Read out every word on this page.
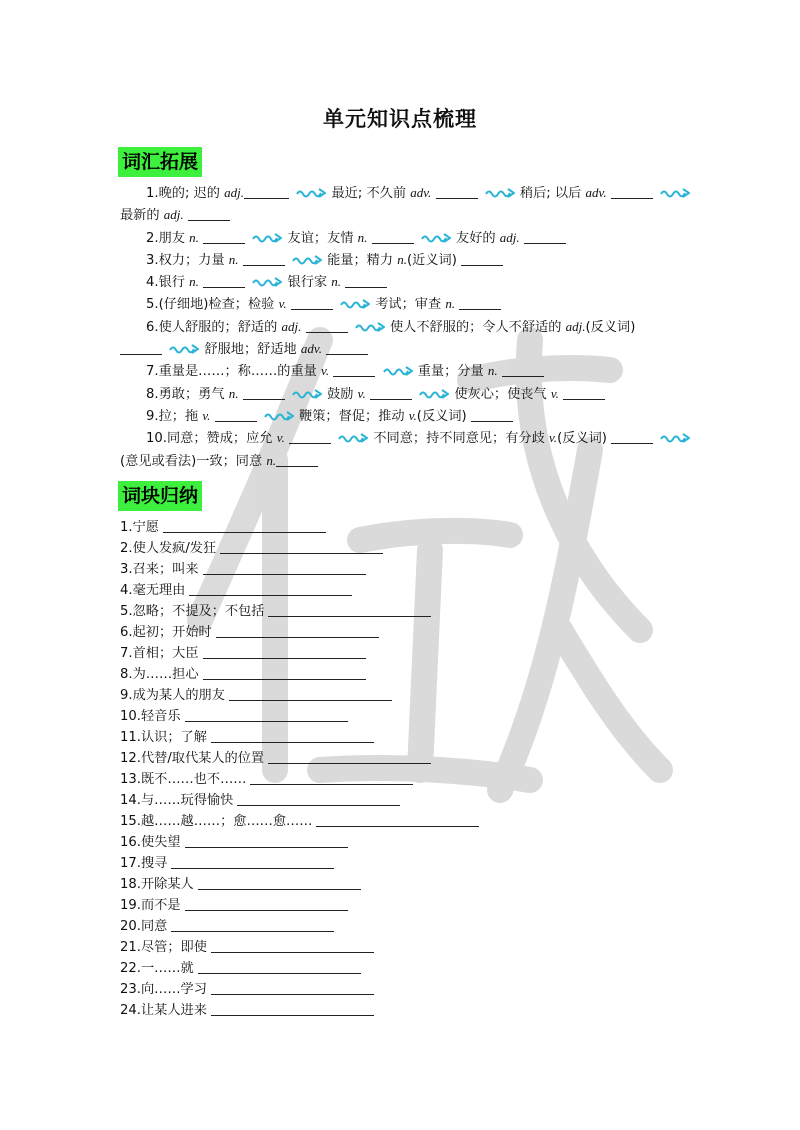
单元知识点梳理
词汇拓展
1.晚的; 迟的 adj.	最近; 不久前 adv.	稍后; 以后 adv.
最新的 adj.
2.朋友 n.	友谊；友情 n.	友好的 adj.
3.权力；力量 n.	能量；精力 n.(近义词)
4.银行 n.	银行家 n.
5.(仔细地)检查；检验 v.	考试；审查 n.
6.使人舒服的；舒适的 adj.	使人不舒服的；令人不舒适的 adj.(反义词)
舒服地；舒适地 adv.
7.重量是……；称……的重量 v.	重量；分量 n.
8.勇敢；勇气 n.	鼓励 v.	使灰心；使丧气 v.
9.拉；拖 v.	鞭策；督促；推动 v.(反义词)
10.同意；赞成；应允 v.	不同意；持不同意见；有分歧 v.(反义词)
(意见或看法)一致；同意 n.
词块归纳
1.宁愿
2.使人发疯/发狂
3.召来；叫来
4.毫无理由
5.忽略；不提及；不包括
6.起初；开始时
7.首相；大臣
8.为……担心
9.成为某人的朋友
10.轻音乐
11.认识；了解
12.代替/取代某人的位置
13.既不……也不……
14.与……玩得愉快
15.越……越……；愈……愈……
16.使失望
17.搜寻
18.开除某人
19.而不是
20.同意
21.尽管；即使
22.一……就
23.向……学习
24.让某人进来
